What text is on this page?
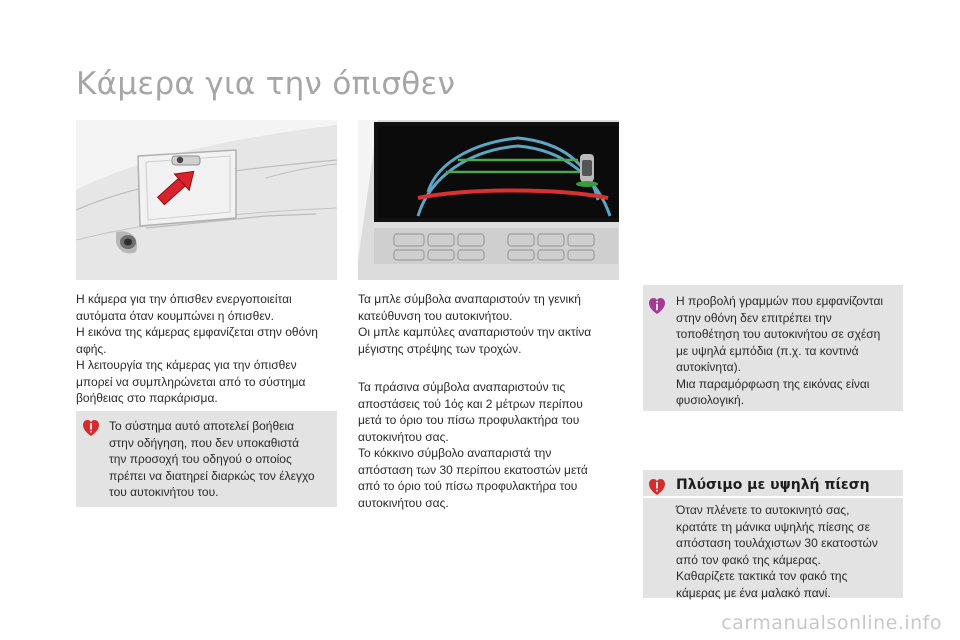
Κάμερα για την όπισθεν

Η κάμερα για την όπισθεν ενεργοποιείται

αυτόματα όταν κουμπώνει η όπισθεν.

Η εικόνα της κάμερας εμφανίζεται στην οθόνη

αφής.

Η λειτουργία της κάμερας για την όπισθεν

μπορεί να συμπληρώνεται από το σύστημα

βοήθειας στο παρκάρισμα.

Το σύστημα αυτό αποτελεί βοήθεια

στην οδήγηση, που δεν υποκαθιστά

την προσοχή του οδηγού ο οποίος

πρέπει να διατηρεί διαρκώς τον έλεγχο

του αυτοκινήτου του.

Τα μπλε σύμβολα αναπαριστούν τη γενική

κατεύθυνση του αυτοκινήτου.

Οι μπλε καμπύλες αναπαριστούν την ακτίνα

μέγιστης στρέψης των τροχών.

Τα πράσινα σύμβολα αναπαριστούν τις

αποστάσεις τού 1όç και 2 μέτρων περίπου

μετά το όριο του πίσω προφυλακτήρα του

αυτοκινήτου σας.

Το κόκκινο σύμβολο αναπαριστά την

απόσταση των 30 περίπου εκατοστών μετά

από το όριο τού πίσω προφυλακτήρα του

αυτοκινήτου σας.

Η προβολή γραμμών που εμφανίζονται

στην οθόνη δεν επιτρέπει την

τοποθέτηση του αυτοκινήτου σε σχέση

με υψηλά εμπόδια (π.χ. τα κοντινά

αυτοκίνητα).

Μια παραμόρφωση της εικόνας είναι

φυσιολογική.

Πλύσιμο με υψηλή πίεση

Όταν πλένετε το αυτοκινητό σας,

κρατάτε τη μάνικα υψηλής πίεσης σε

απόσταση τουλάχιστων 30 εκατοστών

από τον φακό της κάμερας.

Καθαρίζετε τακτικά τον φακό της

κάμερας με ένα μαλακό πανί.

carmanualsonline.info
